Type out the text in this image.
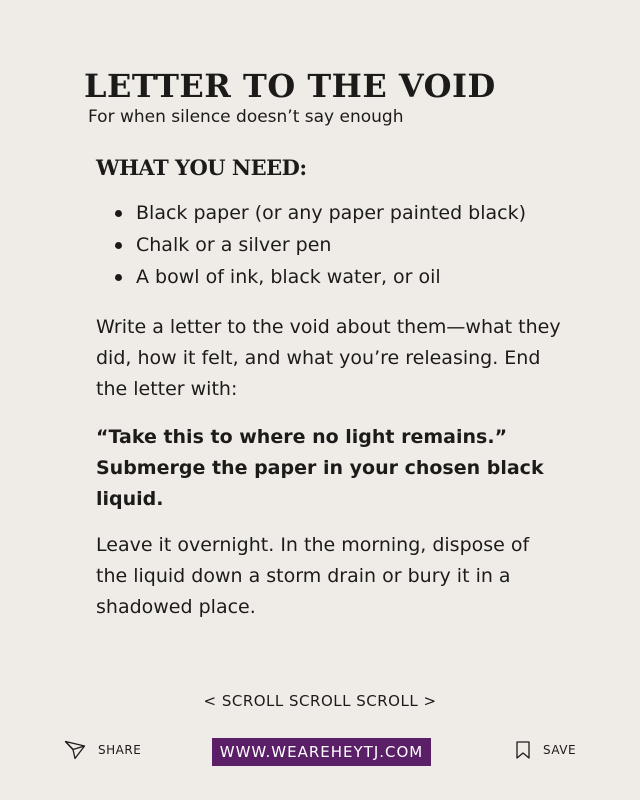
LETTER TO THE VOID
For when silence doesn’t say enough
WHAT YOU NEED:
Black paper (or any paper painted black)
Chalk or a silver pen
A bowl of ink, black water, or oil

Write a letter to the void about them—what they did, how it felt, and what you’re releasing. End the letter with:

“Take this to where no light remains.” Submerge the paper in your chosen black liquid.

Leave it overnight. In the morning, dispose of the liquid down a storm drain or bury it in a shadowed place.

< SCROLL SCROLL SCROLL >
SHARE	WWW.WEAREHEYTJ.COM	SAVE
